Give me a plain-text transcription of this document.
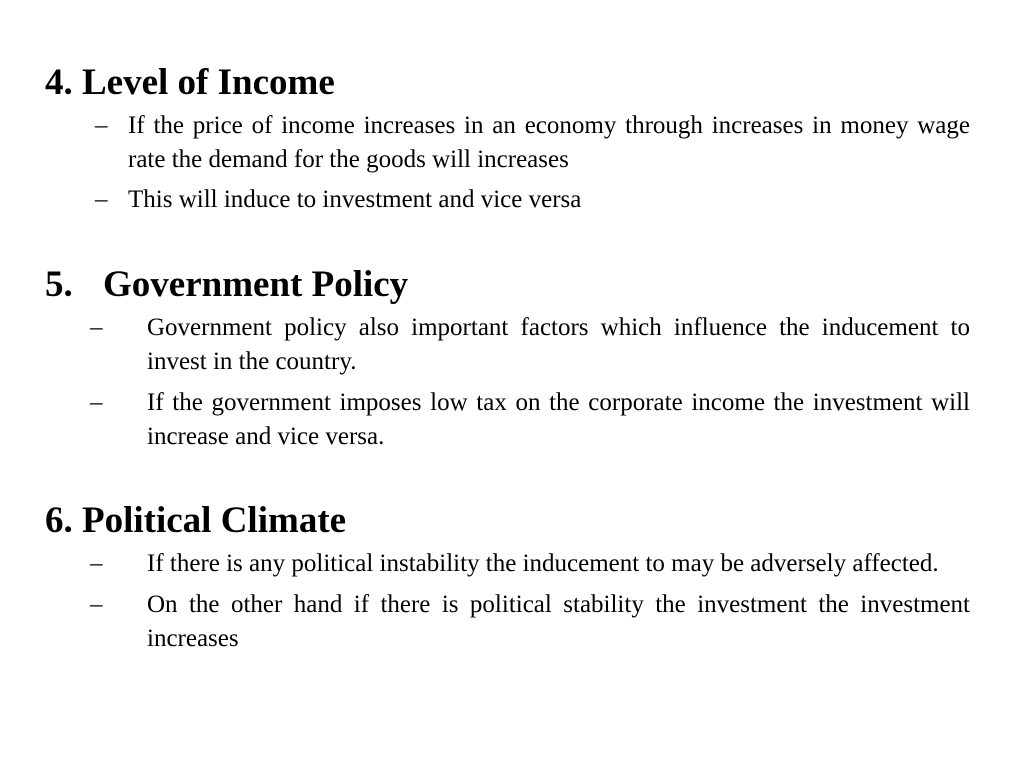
4. Level of Income
– If the price of income increases in an economy through increases in money wage rate the demand for the goods will increases
– This will induce to investment and vice versa
5. Government Policy
– Government policy also important factors which influence the inducement to invest in the country.
– If the government imposes low tax on the corporate income the investment will increase and vice versa.
6. Political Climate
– If there is any political instability the inducement to may be adversely affected.
– On the other hand if there is political stability the investment the investment increases
